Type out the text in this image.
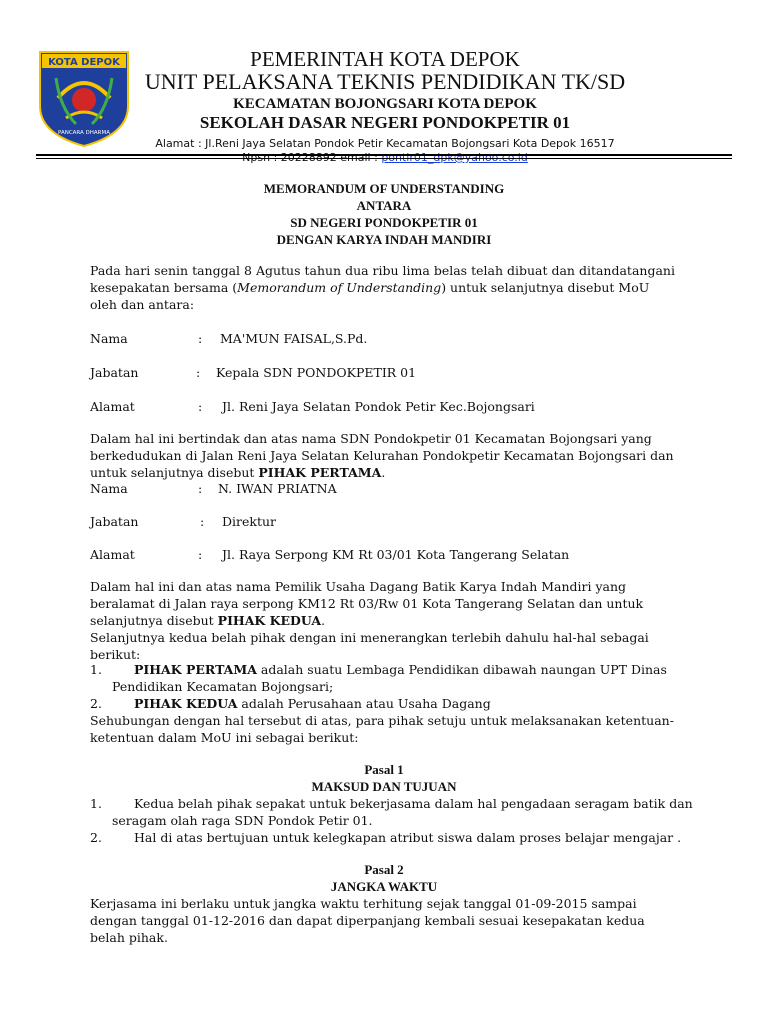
KOTA DEPOK
PANCARA DHARMA
PEMERINTAH KOTA DEPOK
UNIT PELAKSANA TEKNIS PENDIDIKAN TK/SD
KECAMATAN BOJONGSARI KOTA DEPOK
SEKOLAH DASAR NEGERI PONDOKPETIR 01
Alamat : Jl.Reni Jaya Selatan Pondok Petir Kecamatan Bojongsari Kota Depok 16517
MEMORANDUM OF UNDERSTANDING
ANTARA
SD NEGERI PONDOKPETIR 01
DENGAN KARYA INDAH MANDIRI
Pada hari senin tanggal 8 Agutus tahun dua ribu lima belas telah dibuat dan ditandatangani kesepakatan bersama (Memorandum of Understanding) untuk selanjutnya disebut MoU oleh dan antara:
Nama	: MA'MUN FAISAL,S.Pd.
Jabatan	: Kepala SDN PONDOKPETIR 01
Alamat	: Jl. Reni Jaya Selatan Pondok Petir Kec.Bojongsari
Dalam hal ini bertindak dan atas nama SDN Pondokpetir 01 Kecamatan Bojongsari yang berkedudukan di Jalan Reni Jaya Selatan Kelurahan Pondokpetir Kecamatan Bojongsari dan untuk selanjutnya disebut PIHAK PERTAMA.
Nama	: N. IWAN PRIATNA
Jabatan	: Direktur
Alamat	: Jl. Raya Serpong KM Rt 03/01 Kota Tangerang Selatan
Dalam hal ini dan atas nama Pemilik Usaha Dagang Batik Karya Indah Mandiri yang beralamat di Jalan raya serpong KM12 Rt 03/Rw 01 Kota Tangerang Selatan dan untuk selanjutnya disebut PIHAK KEDUA.
Selanjutnya kedua belah pihak dengan ini menerangkan terlebih dahulu hal-hal sebagai berikut:
1.	PIHAK PERTAMA adalah suatu Lembaga Pendidikan dibawah naungan UPT Dinas
Pendidikan Kecamatan Bojongsari;
2.	PIHAK KEDUA adalah Perusahaan atau Usaha Dagang
Sehubungan dengan hal tersebut di atas, para pihak setuju untuk melaksanakan ketentuan-ketentuan dalam MoU ini sebagai berikut:
Pasal 1
MAKSUD DAN TUJUAN
1.	Kedua belah pihak sepakat untuk bekerjasama dalam hal pengadaan seragam batik dan
seragam olah raga SDN Pondok Petir 01.
2.	Hal di atas bertujuan untuk kelegkapan atribut siswa dalam proses belajar mengajar .
Pasal 2
JANGKA WAKTU
Kerjasama ini berlaku untuk jangka waktu terhitung sejak tanggal 01-09-2015 sampai dengan tanggal 01-12-2016 dan dapat diperpanjang kembali sesuai kesepakatan kedua belah pihak.
